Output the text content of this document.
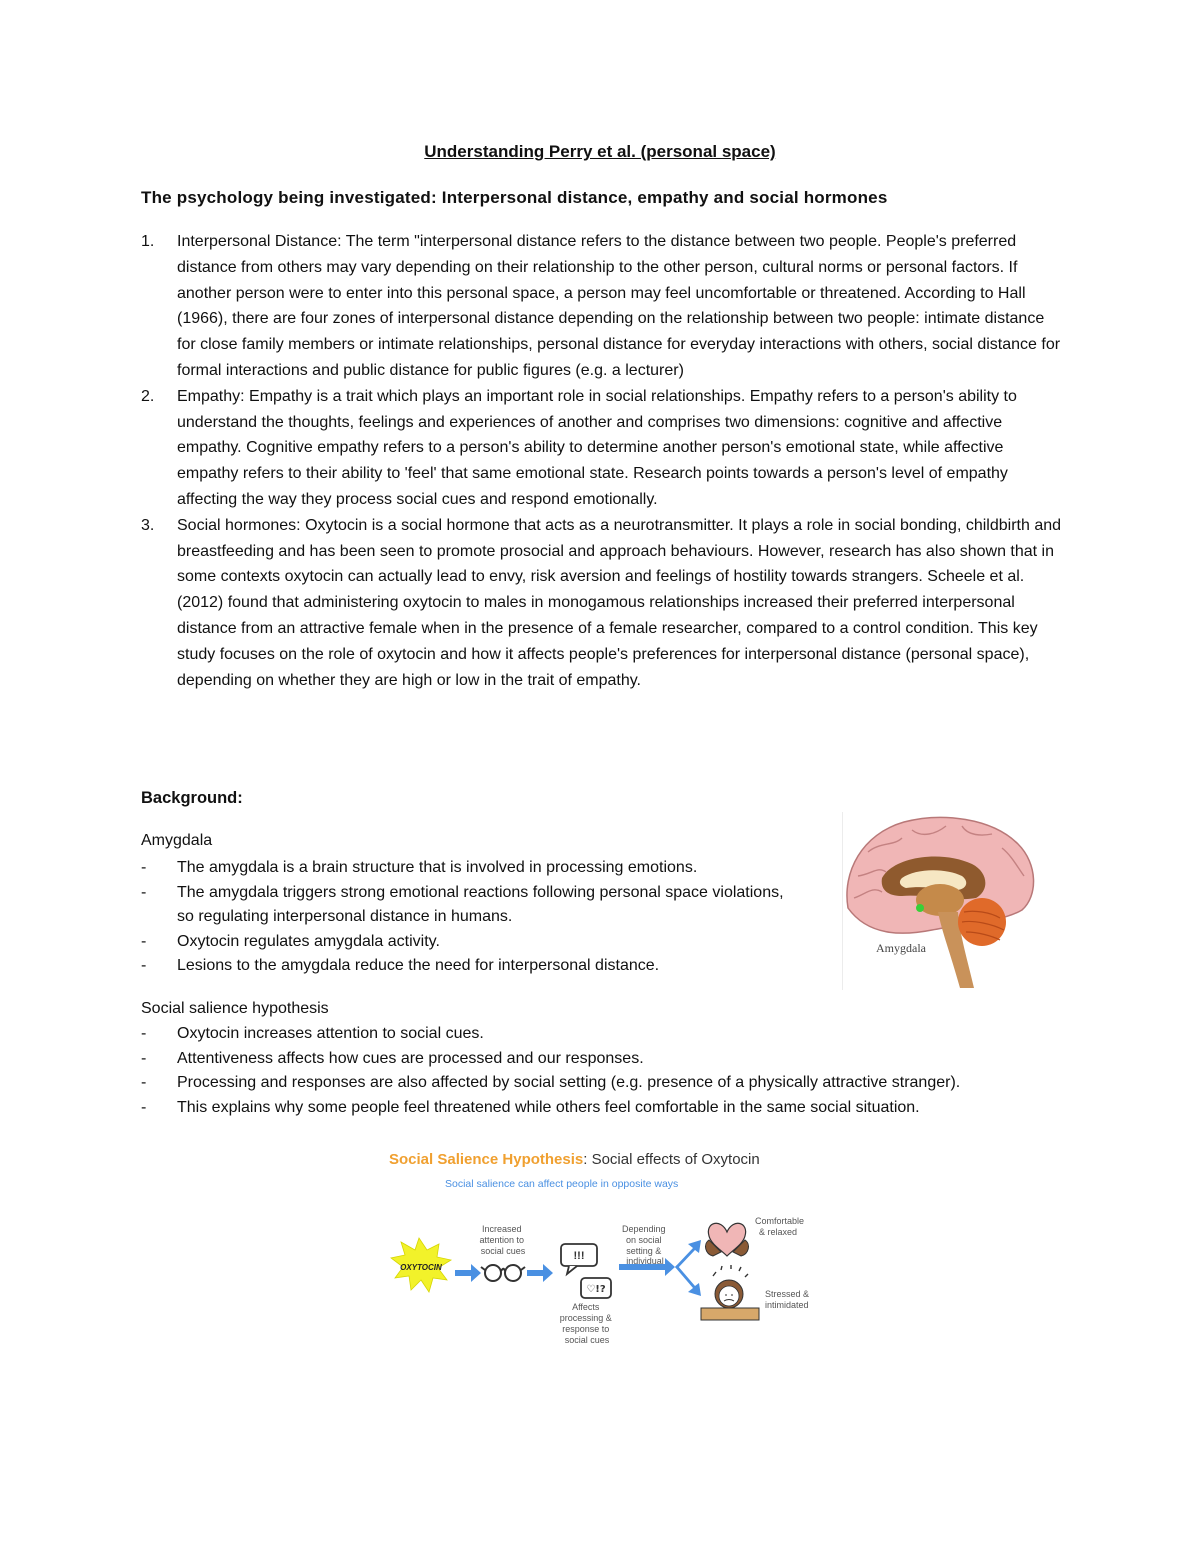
Understanding Perry et al. (personal space)
The psychology being investigated: Interpersonal distance, empathy and social hormones
1. Interpersonal Distance: The term "interpersonal distance refers to the distance between two people. People's preferred distance from others may vary depending on their relationship to the other person, cultural norms or personal factors. If another person were to enter into this personal space, a person may feel uncomfortable or threatened. According to Hall (1966), there are four zones of interpersonal distance depending on the relationship between two people: intimate distance for close family members or intimate relationships, personal distance for everyday interactions with others, social distance for formal interactions and public distance for public figures (e.g. a lecturer)
2. Empathy: Empathy is a trait which plays an important role in social relationships. Empathy refers to a person's ability to understand the thoughts, feelings and experiences of another and comprises two dimensions: cognitive and affective empathy. Cognitive empathy refers to a person's ability to determine another person's emotional state, while affective empathy refers to their ability to 'feel' that same emotional state. Research points towards a person's level of empathy affecting the way they process social cues and respond emotionally.
3. Social hormones: Oxytocin is a social hormone that acts as a neurotransmitter. It plays a role in social bonding, childbirth and breastfeeding and has been seen to promote prosocial and approach behaviours. However, research has also shown that in some contexts oxytocin can actually lead to envy, risk aversion and feelings of hostility towards strangers. Scheele et al. (2012) found that administering oxytocin to males in monogamous relationships increased their preferred interpersonal distance from an attractive female when in the presence of a female researcher, compared to a control condition. This key study focuses on the role of oxytocin and how it affects people's preferences for interpersonal distance (personal space), depending on whether they are high or low in the trait of empathy.
Background:
Amygdala
- The amygdala is a brain structure that is involved in processing emotions.
- The amygdala triggers strong emotional reactions following personal space violations, so regulating interpersonal distance in humans.
- Oxytocin regulates amygdala activity.
- Lesions to the amygdala reduce the need for interpersonal distance.
Amygdala
Social salience hypothesis
- Oxytocin increases attention to social cues.
- Attentiveness affects how cues are processed and our responses.
- Processing and responses are also affected by social setting (e.g. presence of a physically attractive stranger).
- This explains why some people feel threatened while others feel comfortable in the same social situation.
Social Salience Hypothesis: Social effects of Oxytocin
Social salience can affect people in opposite ways
OXYTOCIN
Increased attention to social cues	!!!
♡!?
Affects processing & response to social cues
Depending on social setting & individual
Comfortable & relaxed
Stressed & intimidated
